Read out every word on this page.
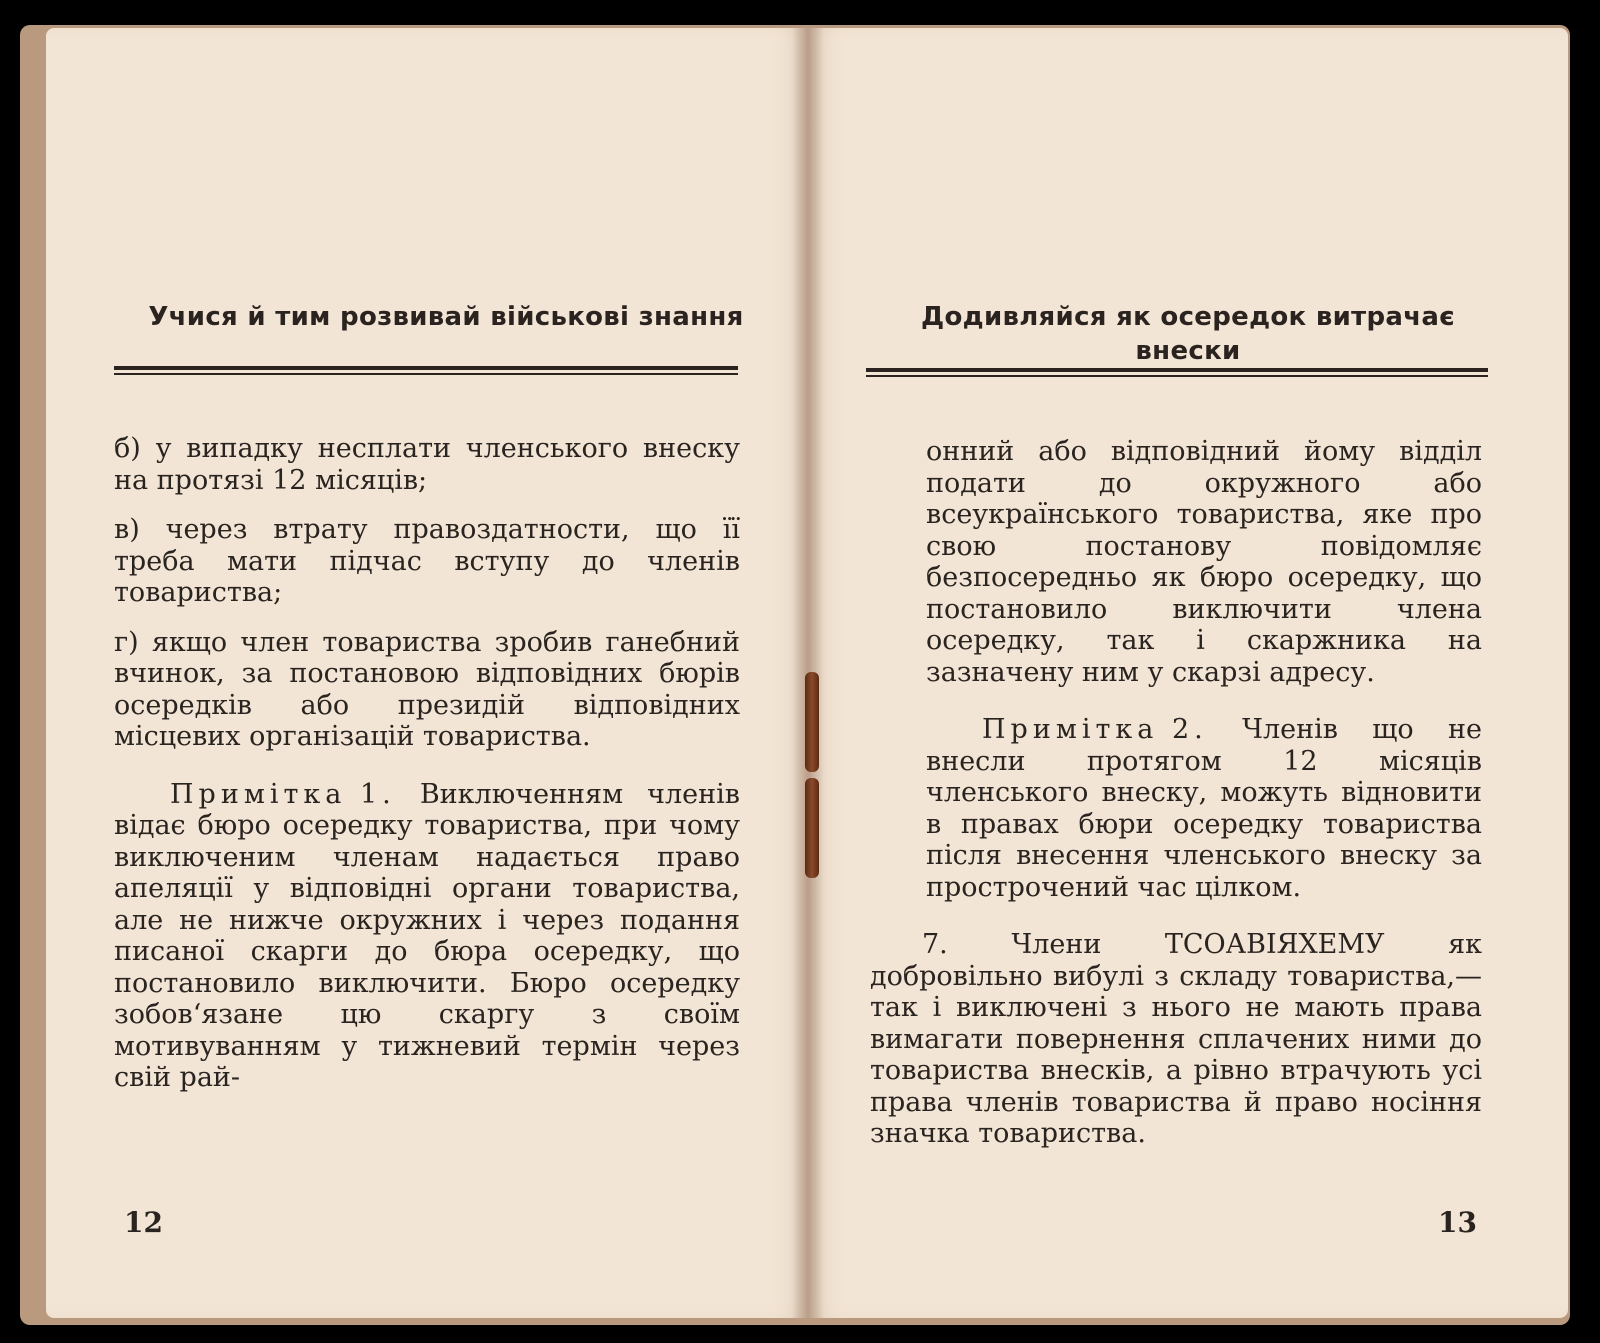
Учися й тим розвивай військові знання

б) у випадку несплати членського внеску на протязі 12 місяців;

в) через втрату правоздатности, що її треба мати підчас вступу до членів товариства;

г) якщо член товариства зробив ганебний вчинок, за постановою відповідних бюрів осередків або президій відповідних місцевих організацій товариства.

Примітка 1. Виключенням членів відає бюро осередку товариства, при чому виключеним членам надається право апеляції у відповідні органи товариства, але не нижче окружних і через подання писаної скарги до бюра осередку, що постановило виключити. Бюро осередку зобов‘язане цю скаргу з своїм мотивуванням у тижневий термін через свій рай-

12
Додивляйся як осередок витрачає внески

онний або відповідний йому відділ подати до окружного або всеукраїнського товариства, яке про свою постанову повідомляє безпосередньо як бюро осередку, що постановило виключити члена осередку, так і скаржника на зазначену ним у скарзі адресу.

Примітка 2. Членів що не внесли протягом 12 місяців членського внеску, можуть відновити в правах бюри осередку товариства після внесення членського внеску за прострочений час цілком.

7. Члени ТСОАВІЯХЕМУ як добровільно вибулі з складу товариства,— так і виключені з нього не мають права вимагати повернення сплачених ними до товариства внесків, а рівно втрачують усі права членів товариства й право носіння значка товариства.

13
